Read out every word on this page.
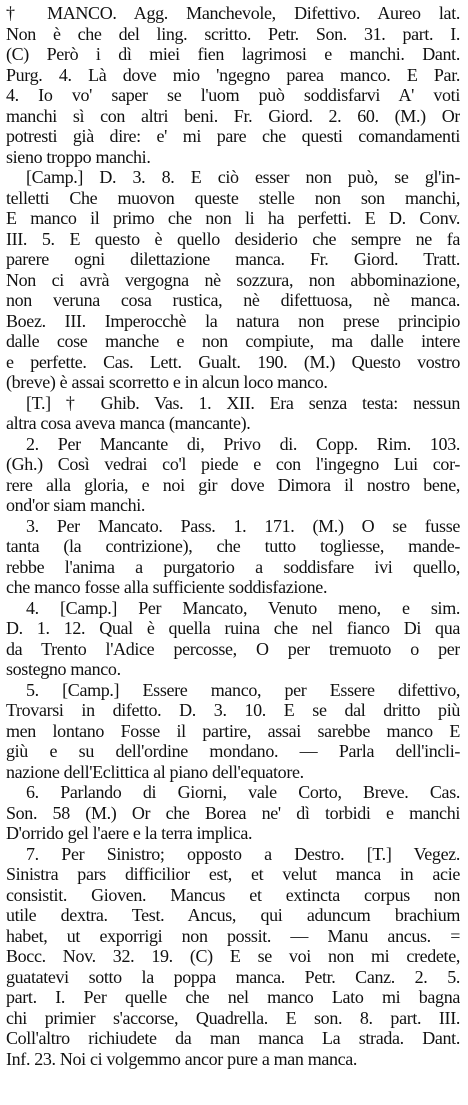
† MANCO. Agg. Manchevole, Difettivo. Aureo lat.
Non è che del ling. scritto. Petr. Son. 31. part. I.
(C) Però i dì miei fien lagrimosi e manchi. Dant.
Purg. 4. Là dove mio 'ngegno parea manco. E Par.
4. Io vo' saper se l'uom può soddisfarvi A' voti
manchi sì con altri beni. Fr. Giord. 2. 60. (M.) Or
potresti già dire: e' mi pare che questi comandamenti
sieno troppo manchi.
[Camp.] D. 3. 8. E ciò esser non può, se gl'in-
telletti Che muovon queste stelle non son manchi,
E manco il primo che non li ha perfetti. E D. Conv.
III. 5. E questo è quello desiderio che sempre ne fa
parere ogni dilettazione manca. Fr. Giord. Tratt.
Non ci avrà vergogna nè sozzura, non abbominazione,
non veruna cosa rustica, nè difettuosa, nè manca.
Boez. III. Imperocchè la natura non prese principio
dalle cose manche e non compiute, ma dalle intere
e perfette. Cas. Lett. Gualt. 190. (M.) Questo vostro
(breve) è assai scorretto e in alcun loco manco.
[T.] † Ghib. Vas. 1. XII. Era senza testa: nessun
altra cosa aveva manca (mancante).
2. Per Mancante di, Privo di. Copp. Rim. 103.
(Gh.) Così vedrai co'l piede e con l'ingegno Lui cor-
rere alla gloria, e noi gir dove Dimora il nostro bene,
ond'or siam manchi.
3. Per Mancato. Pass. 1. 171. (M.) O se fusse
tanta (la contrizione), che tutto togliesse, mande-
rebbe l'anima a purgatorio a soddisfare ivi quello,
che manco fosse alla sufficiente soddisfazione.
4. [Camp.] Per Mancato, Venuto meno, e sim.
D. 1. 12. Qual è quella ruina che nel fianco Di qua
da Trento l'Adice percosse, O per tremuoto o per
sostegno manco.
5. [Camp.] Essere manco, per Essere difettivo,
Trovarsi in difetto. D. 3. 10. E se dal dritto più
men lontano Fosse il partire, assai sarebbe manco E
giù e su dell'ordine mondano. — Parla dell'incli-
nazione dell'Eclittica al piano dell'equatore.
6. Parlando di Giorni, vale Corto, Breve. Cas.
Son. 58 (M.) Or che Borea ne' dì torbidi e manchi
D'orrido gel l'aere e la terra implica.
7. Per Sinistro; opposto a Destro. [T.] Vegez.
Sinistra pars difficilior est, et velut manca in acie
consistit. Gioven. Mancus et extincta corpus non
utile dextra. Test. Ancus, qui aduncum brachium
habet, ut exporrigi non possit. — Manu ancus. =
Bocc. Nov. 32. 19. (C) E se voi non mi credete,
guatatevi sotto la poppa manca. Petr. Canz. 2. 5.
part. I. Per quelle che nel manco Lato mi bagna
chi primier s'accorse, Quadrella. E son. 8. part. III.
Coll'altro richiudete da man manca La strada. Dant.
Inf. 23. Noi ci volgemmo ancor pure a man manca.
